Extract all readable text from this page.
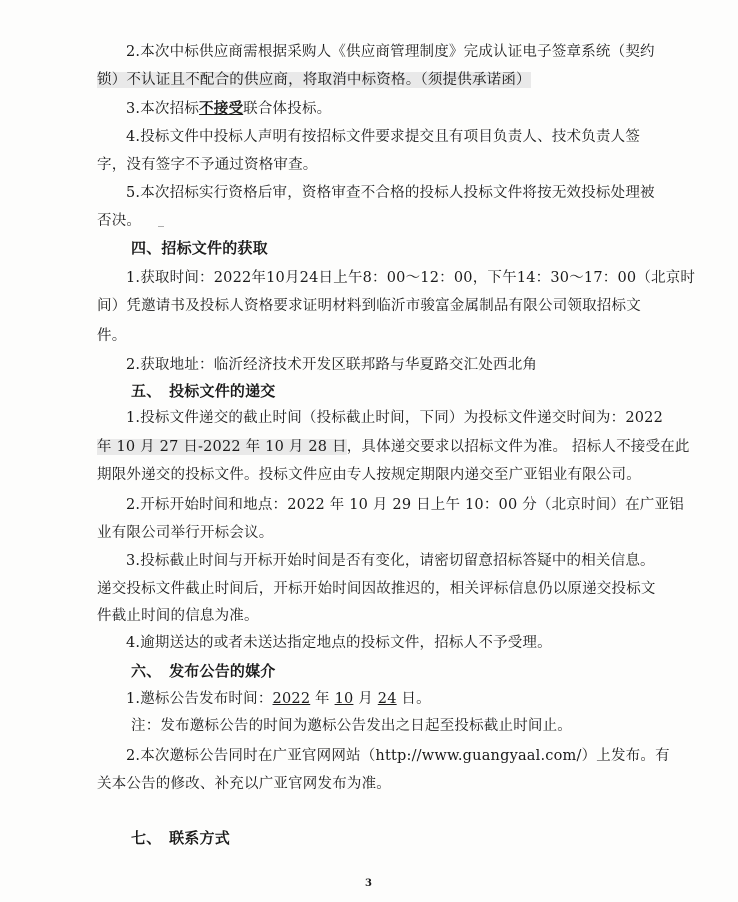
2.本次中标供应商需根据采购人《供应商管理制度》完成认证电子签章系统（契约
锁）不认证且不配合的供应商，将取消中标资格。（须提供承诺函）
3.本次招标不接受联合体投标。
4.投标文件中投标人声明有按招标文件要求提交且有项目负责人、技术负责人签
字，没有签字不予通过资格审查。
5.本次招标实行资格后审，资格审查不合格的投标人投标文件将按无效投标处理被
否决。 _
四、招标文件的获取
1.获取时间：2022年10月24日上午8：00～12：00，下午14：30～17：00（北京时
间）凭邀请书及投标人资格要求证明材料到临沂市骏富金属制品有限公司领取招标文
件。
2.获取地址：临沂经济技术开发区联邦路与华夏路交汇处西北角
五、　投标文件的递交
1.投标文件递交的截止时间（投标截止时间，下同）为投标文件递交时间为：2022
年 10 月 27 日-2022 年 10 月 28 日，具体递交要求以招标文件为准。 招标人不接受在此
期限外递交的投标文件。投标文件应由专人按规定期限内递交至广亚铝业有限公司。
2.开标开始时间和地点：2022 年 10 月 29 日上午 10：00 分（北京时间）在广亚铝
业有限公司举行开标会议。
3.投标截止时间与开标开始时间是否有变化，请密切留意招标答疑中的相关信息。
递交投标文件截止时间后，开标开始时间因故推迟的，相关评标信息仍以原递交投标文
件截止时间的信息为准。
4.逾期送达的或者未送达指定地点的投标文件，招标人不予受理。
六、　发布公告的媒介
1.邀标公告发布时间：2022 年 10 月 24 日。
注：发布邀标公告的时间为邀标公告发出之日起至投标截止时间止。
2.本次邀标公告同时在广亚官网网站（http://www.guangyaal.com/）上发布。有
关本公告的修改、补充以广亚官网发布为准。
七、　联系方式
3
